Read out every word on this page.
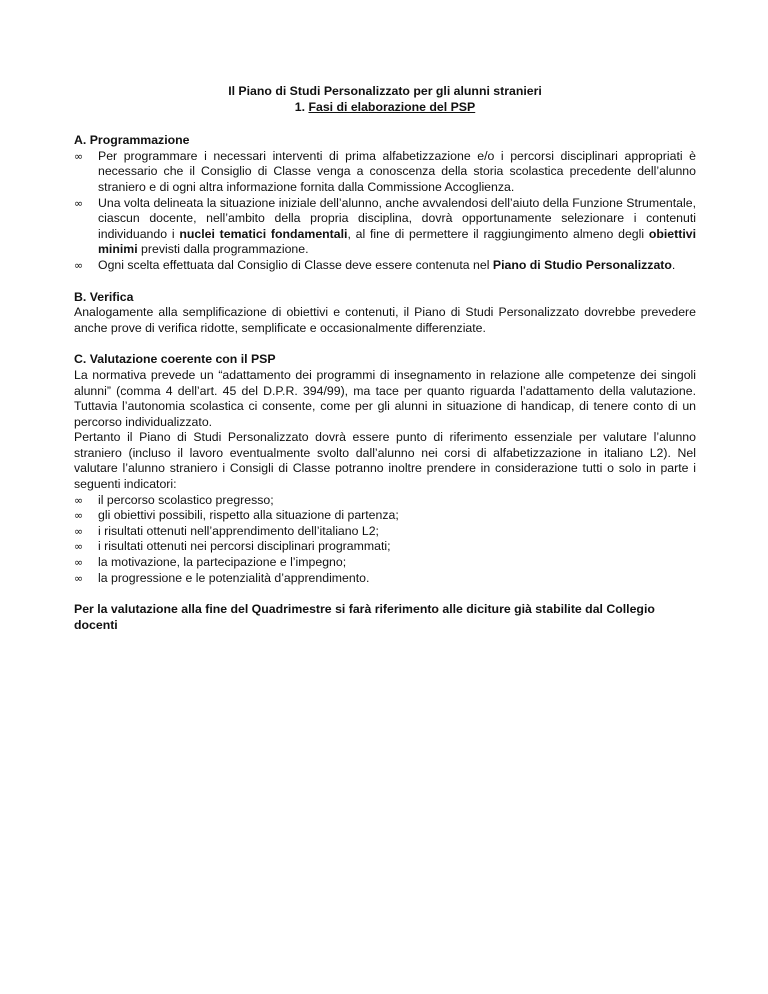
Il Piano di Studi Personalizzato per gli alunni stranieri
1. Fasi di elaborazione del PSP
A. Programmazione
∞	Per programmare i necessari interventi di prima alfabetizzazione e/o i percorsi disciplinari appropriati è necessario che il Consiglio di Classe venga a conoscenza della storia scolastica precedente dell’alunno straniero e di ogni altra informazione fornita dalla Commissione Accoglienza.
∞	Una volta delineata la situazione iniziale dell’alunno, anche avvalendosi dell’aiuto della Funzione Strumentale, ciascun docente, nell’ambito della propria disciplina, dovrà opportunamente selezionare i contenuti individuando i nuclei tematici fondamentali, al fine di permettere il raggiungimento almeno degli obiettivi minimi previsti dalla programmazione.
∞	Ogni scelta effettuata dal Consiglio di Classe deve essere contenuta nel Piano di Studio Personalizzato.
B. Verifica
Analogamente alla semplificazione di obiettivi e contenuti, il Piano di Studi Personalizzato dovrebbe prevedere anche prove di verifica ridotte, semplificate e occasionalmente differenziate.
C. Valutazione coerente con il PSP
La normativa prevede un “adattamento dei programmi di insegnamento in relazione alle competenze dei singoli alunni” (comma 4 dell’art. 45 del D.P.R. 394/99), ma tace per quanto riguarda l’adattamento della valutazione. Tuttavia l’autonomia scolastica ci consente, come per gli alunni in situazione di handicap, di tenere conto di un percorso individualizzato.
Pertanto il Piano di Studi Personalizzato dovrà essere punto di riferimento essenziale per valutare l’alunno straniero (incluso il lavoro eventualmente svolto dall’alunno nei corsi di alfabetizzazione in italiano L2). Nel valutare l’alunno straniero i Consigli di Classe potranno inoltre prendere in considerazione tutti o solo in parte i seguenti indicatori:
∞	il percorso scolastico pregresso;
∞	gli obiettivi possibili, rispetto alla situazione di partenza;
∞	i risultati ottenuti nell’apprendimento dell’italiano L2;
∞	i risultati ottenuti nei percorsi disciplinari programmati;
∞	la motivazione, la partecipazione e l’impegno;
∞	la progressione e le potenzialità d’apprendimento.
Per la valutazione alla fine del Quadrimestre si farà riferimento alle diciture già stabilite dal Collegio docenti
